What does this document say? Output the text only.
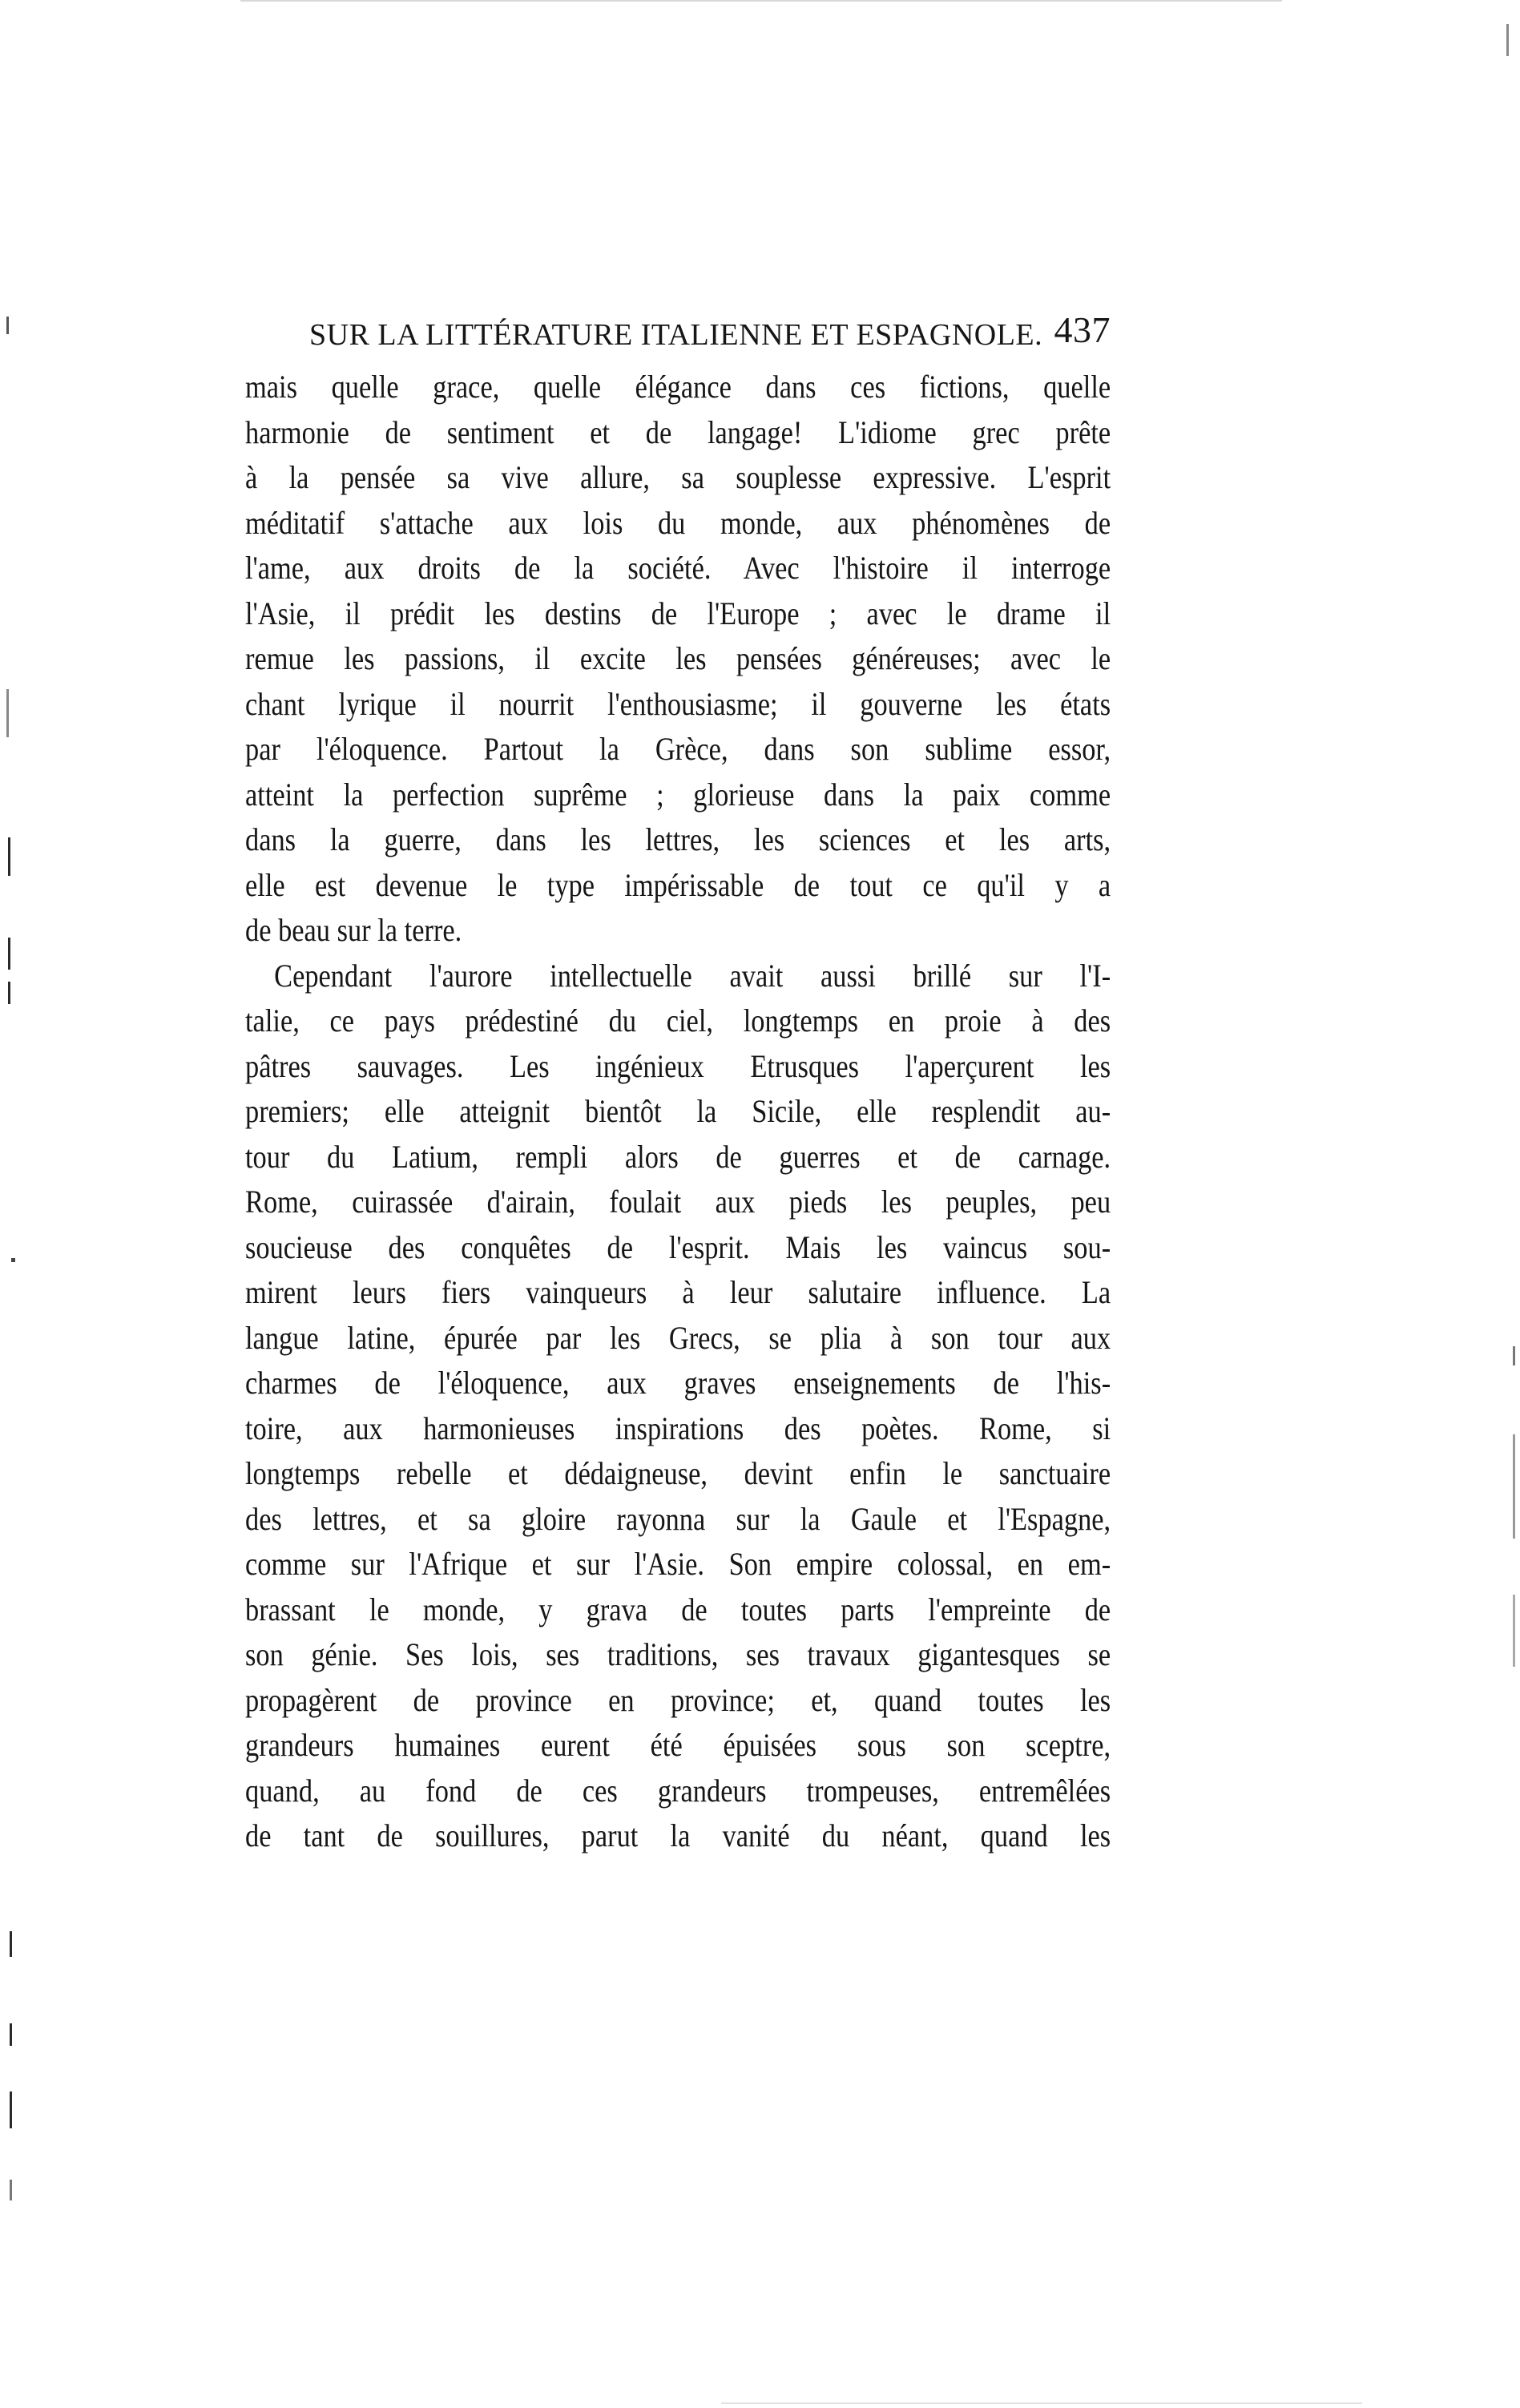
SUR LA LITTÉRATURE ITALIENNE ET ESPAGNOLE. 437
mais quelle grace, quelle élégance dans ces fictions, quelle
harmonie de sentiment et de langage! L'idiome grec prête
à la pensée sa vive allure, sa souplesse expressive. L'esprit
méditatif s'attache aux lois du monde, aux phénomènes de
l'ame, aux droits de la société. Avec l'histoire il interroge
l'Asie, il prédit les destins de l'Europe ; avec le drame il
remue les passions, il excite les pensées généreuses; avec le
chant lyrique il nourrit l'enthousiasme; il gouverne les états
par l'éloquence. Partout la Grèce, dans son sublime essor,
atteint la perfection suprême ; glorieuse dans la paix comme
dans la guerre, dans les lettres, les sciences et les arts,
elle est devenue le type impérissable de tout ce qu'il y a
de beau sur la terre.
Cependant l'aurore intellectuelle avait aussi brillé sur l'I-
talie, ce pays prédestiné du ciel, longtemps en proie à des
pâtres sauvages. Les ingénieux Etrusques l'aperçurent les
premiers; elle atteignit bientôt la Sicile, elle resplendit au-
tour du Latium, rempli alors de guerres et de carnage.
Rome, cuirassée d'airain, foulait aux pieds les peuples, peu
soucieuse des conquêtes de l'esprit. Mais les vaincus sou-
mirent leurs fiers vainqueurs à leur salutaire influence. La
langue latine, épurée par les Grecs, se plia à son tour aux
charmes de l'éloquence, aux graves enseignements de l'his-
toire, aux harmonieuses inspirations des poètes. Rome, si
longtemps rebelle et dédaigneuse, devint enfin le sanctuaire
des lettres, et sa gloire rayonna sur la Gaule et l'Espagne,
comme sur l'Afrique et sur l'Asie. Son empire colossal, en em-
brassant le monde, y grava de toutes parts l'empreinte de
son génie. Ses lois, ses traditions, ses travaux gigantesques se
propagèrent de province en province; et, quand toutes les
grandeurs humaines eurent été épuisées sous son sceptre,
quand, au fond de ces grandeurs trompeuses, entremêlées
de tant de souillures, parut la vanité du néant, quand les
